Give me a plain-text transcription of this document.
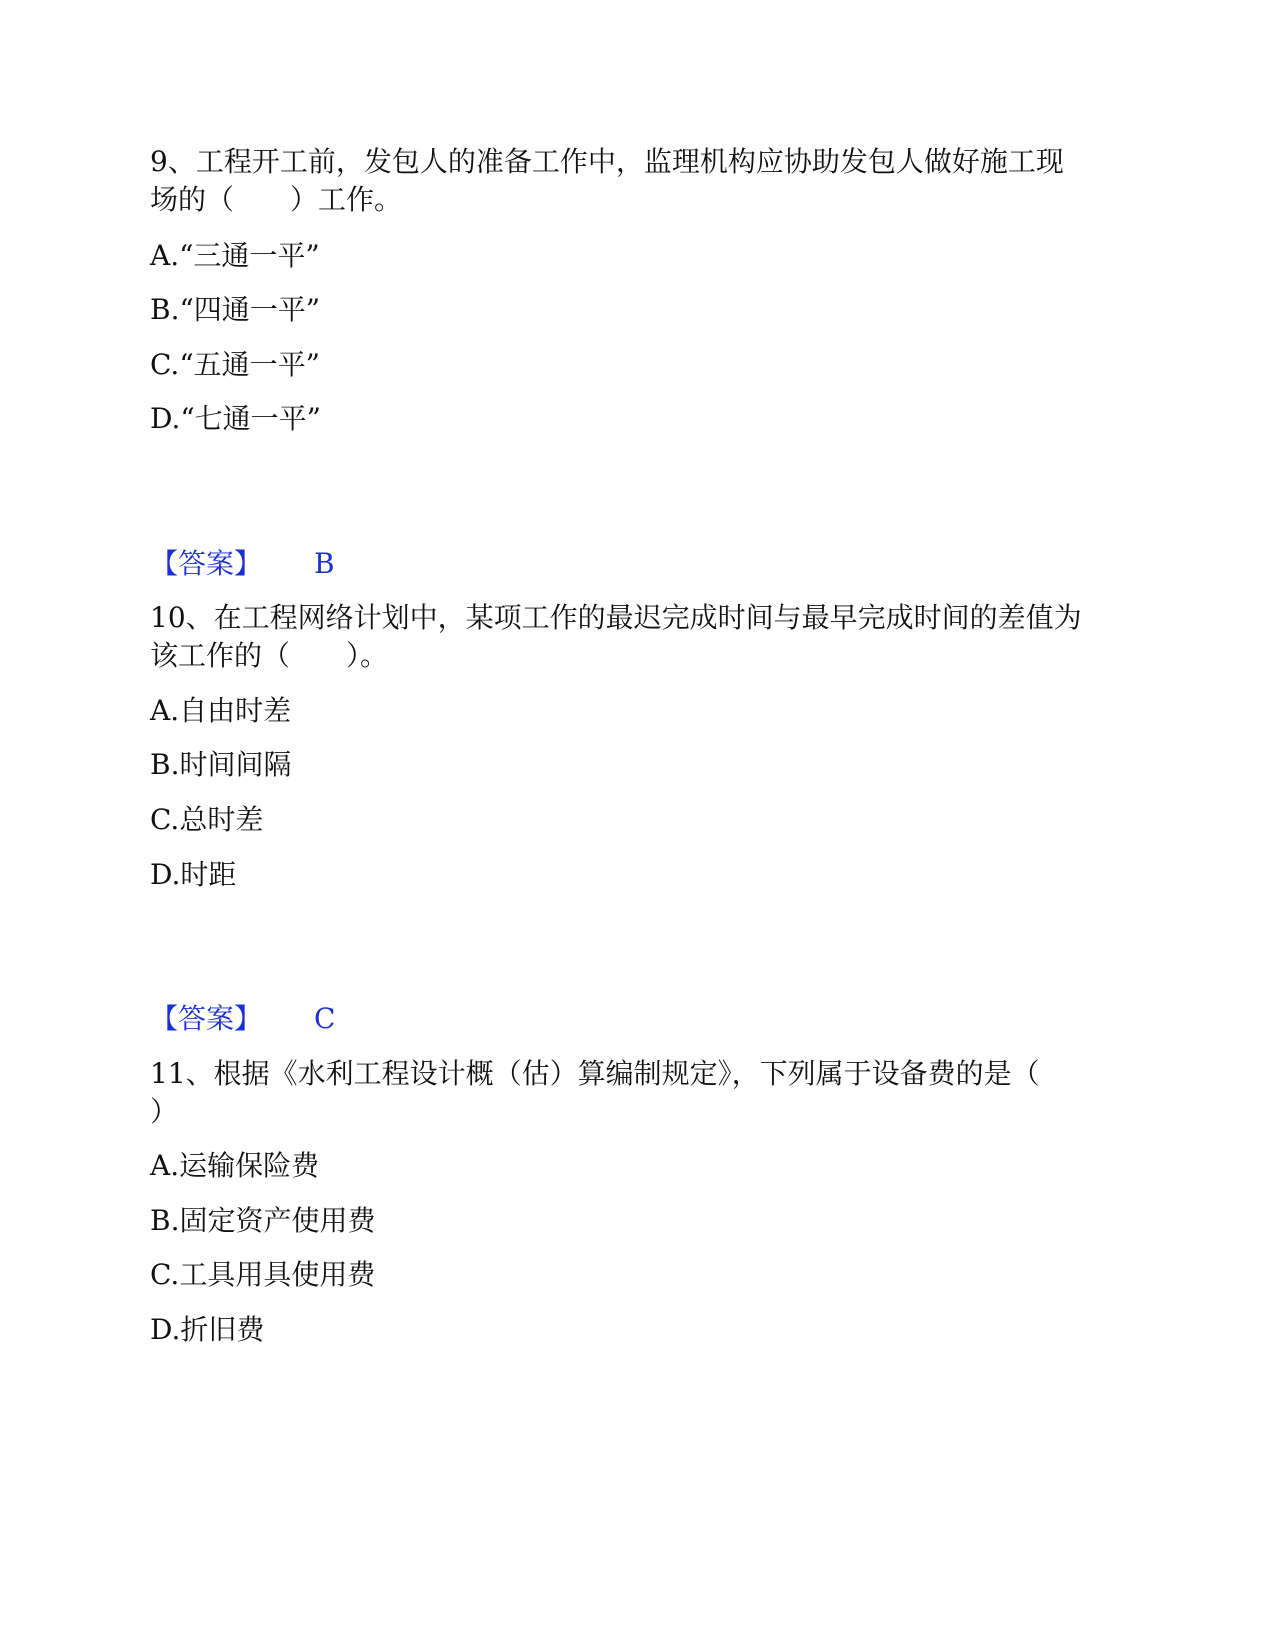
9、工程开工前，发包人的准备工作中，监理机构应协助发包人做好施工现
场的（　　）工作。
A.“三通一平”
B.“四通一平”
C.“五通一平”
D.“七通一平”
【答案】 B
10、在工程网络计划中，某项工作的最迟完成时间与最早完成时间的差值为
该工作的（　　）。
A.自由时差
B.时间间隔
C.总时差
D.时距
【答案】 C
11、根据《水利工程设计概（估）算编制规定》，下列属于设备费的是（
）
A.运输保险费
B.固定资产使用费
C.工具用具使用费
D.折旧费
